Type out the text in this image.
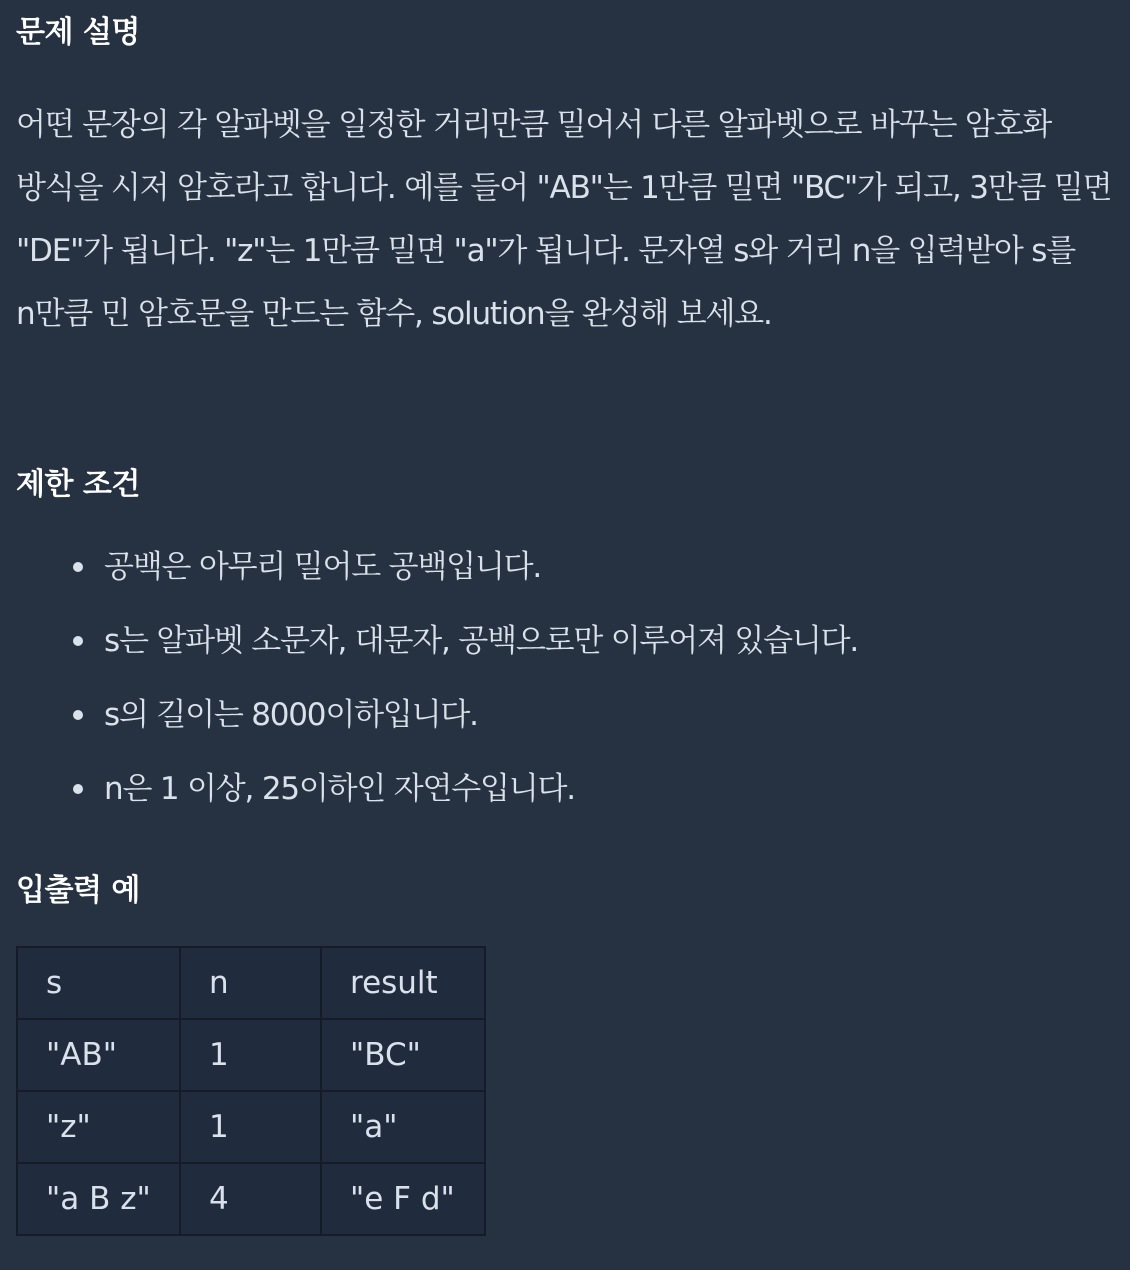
문제 설명

어떤 문장의 각 알파벳을 일정한 거리만큼 밀어서 다른 알파벳으로 바꾸는 암호화 방식을 시저 암호라고 합니다. 예를 들어 "AB"는 1만큼 밀면 "BC"가 되고, 3만큼 밀면 "DE"가 됩니다. "z"는 1만큼 밀면 "a"가 됩니다. 문자열 s와 거리 n을 입력받아 s를 n만큼 민 암호문을 만드는 함수, solution을 완성해 보세요.

제한 조건
공백은 아무리 밀어도 공백입니다.
s는 알파벳 소문자, 대문자, 공백으로만 이루어져 있습니다.
s의 길이는 8000이하입니다.
n은 1 이상, 25이하인 자연수입니다.
입출력 예
s	n	result
"AB"	1	"BC"
"z"	1	"a"
"a B z"	4	"e F d"
